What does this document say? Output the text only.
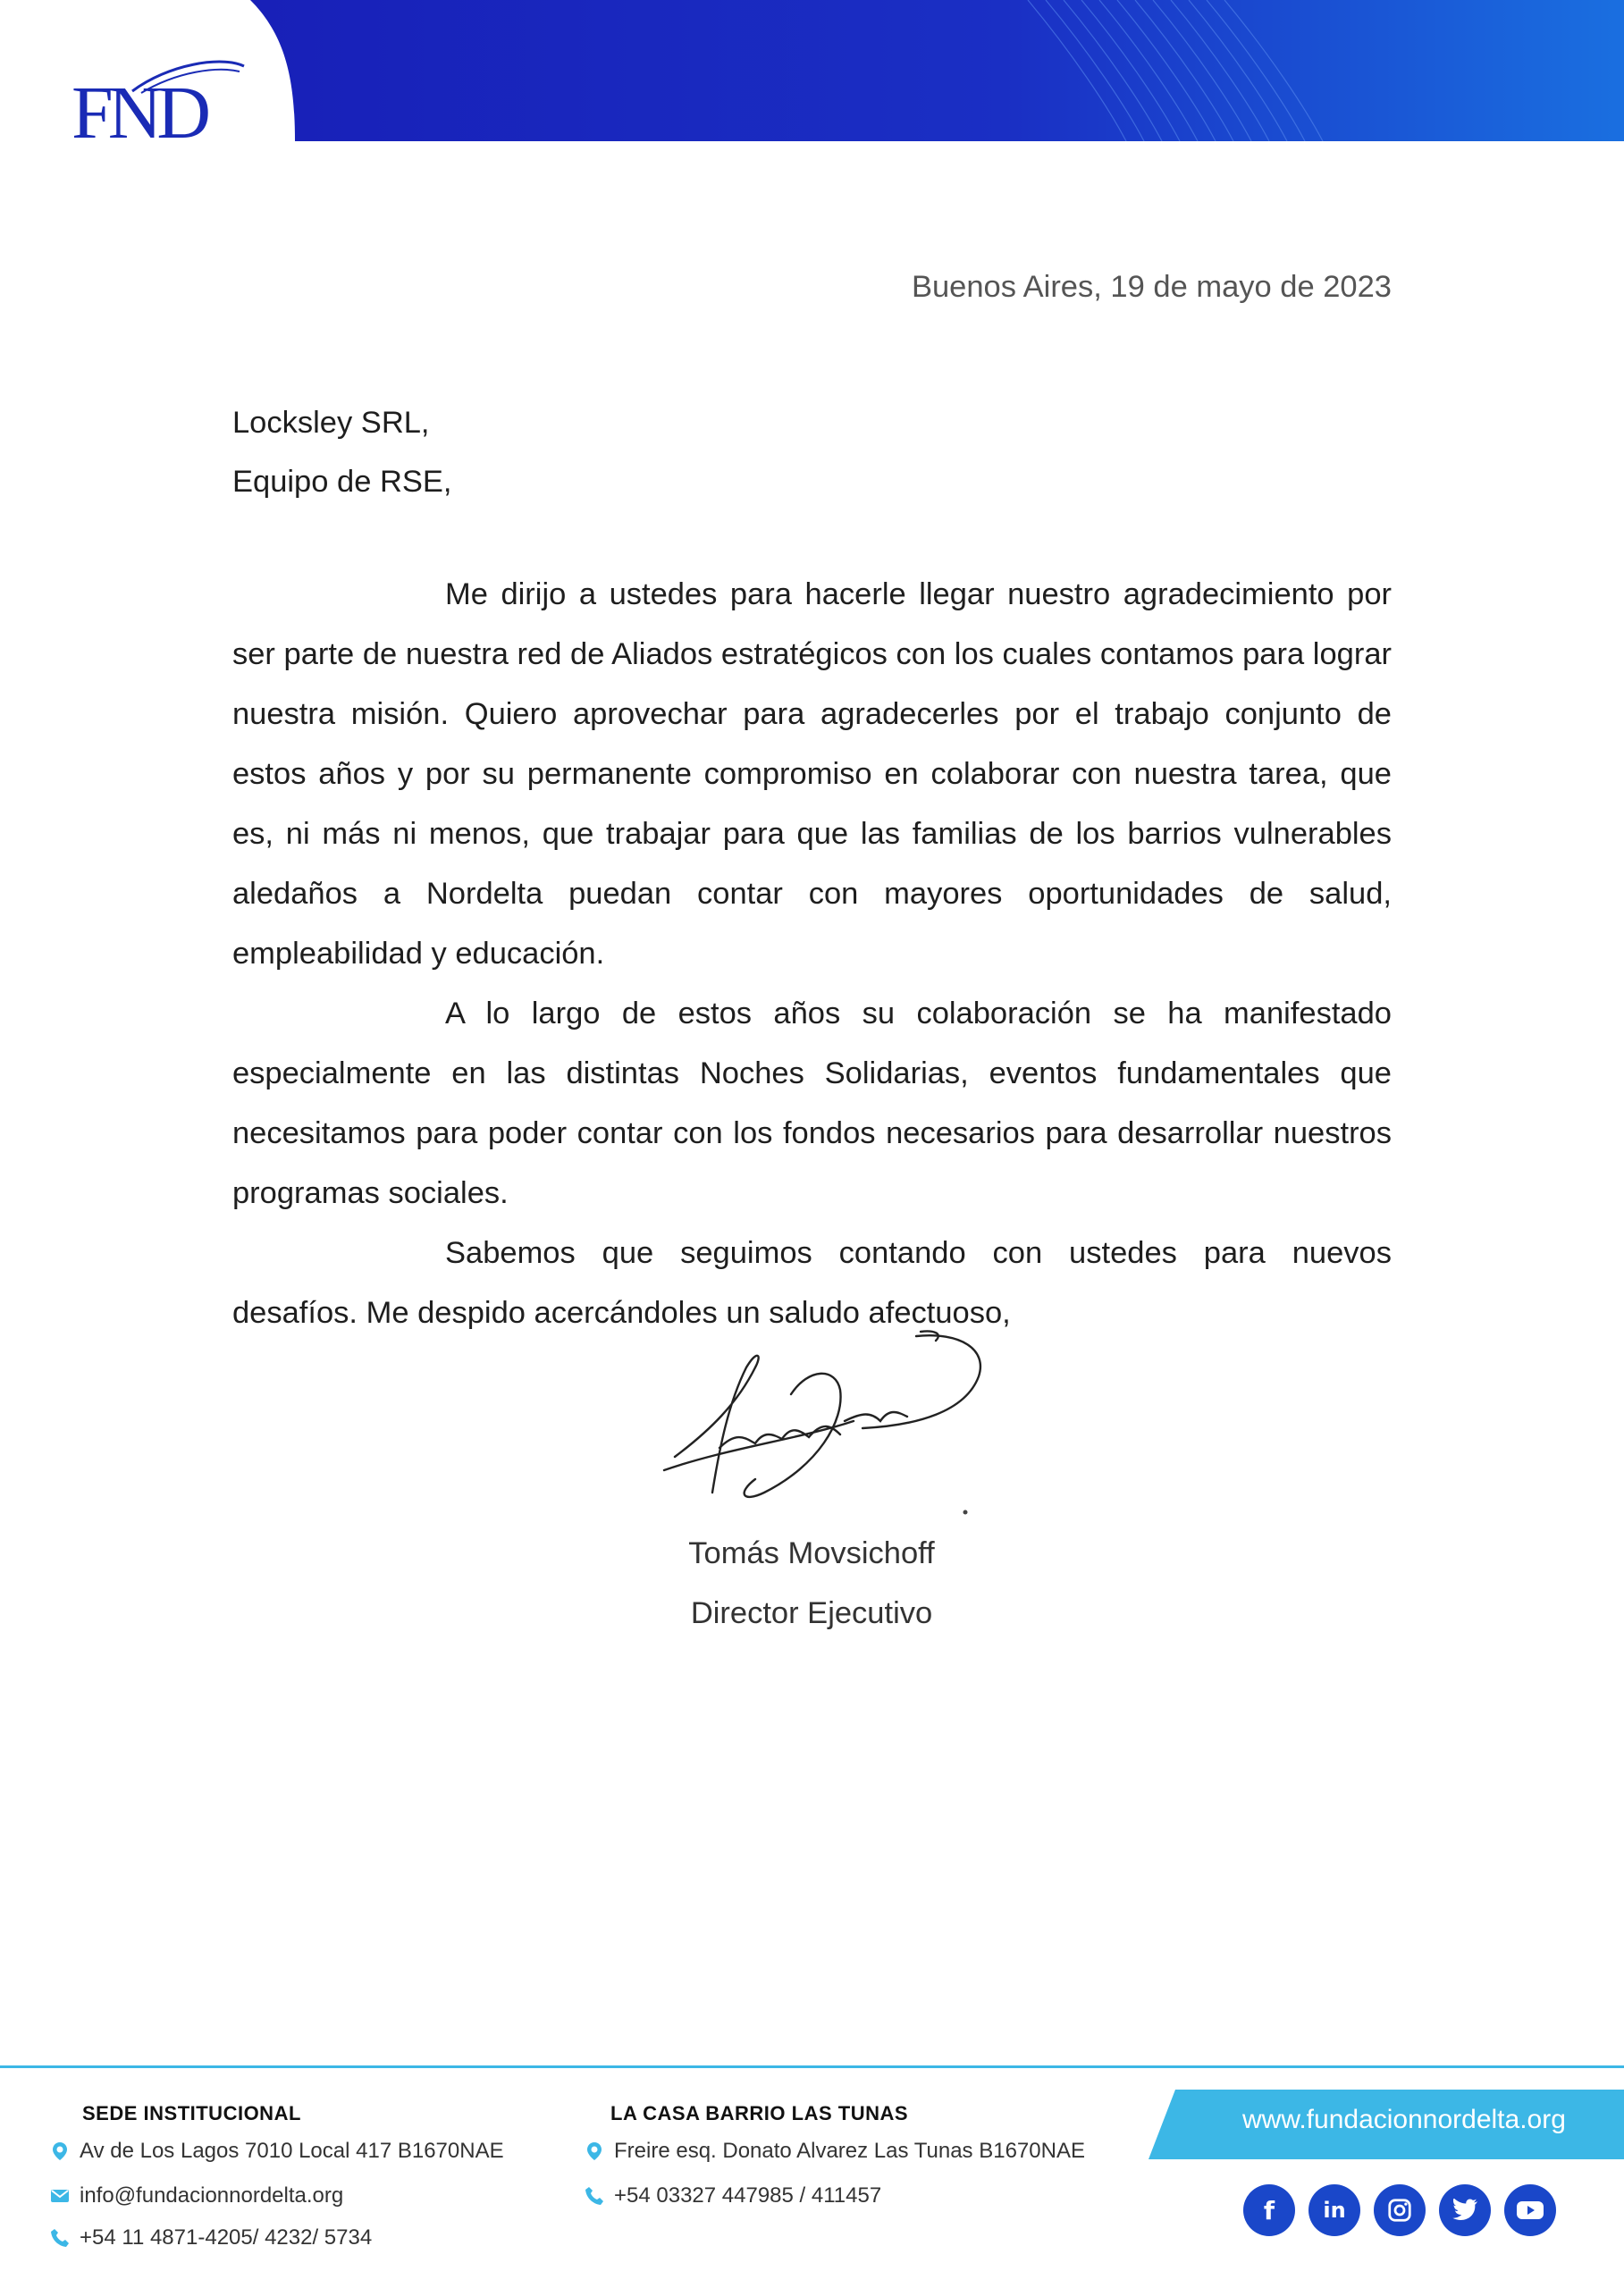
FND
Buenos Aires, 19 de mayo de 2023
Locksley SRL,
Equipo de RSE,

Me dirijo a ustedes para hacerle llegar nuestro agradecimiento por ser parte de nuestra red de Aliados estratégicos con los cuales contamos para lograr nuestra misión. Quiero aprovechar para agradecerles por el trabajo conjunto de estos años y por su permanente compromiso en colaborar con nuestra tarea, que es, ni más ni menos, que trabajar para que las familias de los barrios vulnerables aledaños a Nordelta puedan contar con mayores oportunidades de salud, empleabilidad y educación.

A lo largo de estos años su colaboración se ha manifestado especialmente en las distintas Noches Solidarias, eventos fundamentales que necesitamos para poder contar con los fondos necesarios para desarrollar nuestros programas sociales.

Sabemos que seguimos contando con ustedes para nuevos desafíos. Me despido acercándoles un saludo afectuoso,

Tomás Movsichoff
Director Ejecutivo
SEDE INSTITUCIONAL
Av de Los Lagos 7010 Local 417 B1670NAE
info@fundacionnordelta.org
+54 11 4871-4205/ 4232/ 5734
LA CASA BARRIO LAS TUNAS
Freire esq. Donato Alvarez Las Tunas B1670NAE
+54 03327 447985 / 411457
www.fundacionnordelta.org
f	in
